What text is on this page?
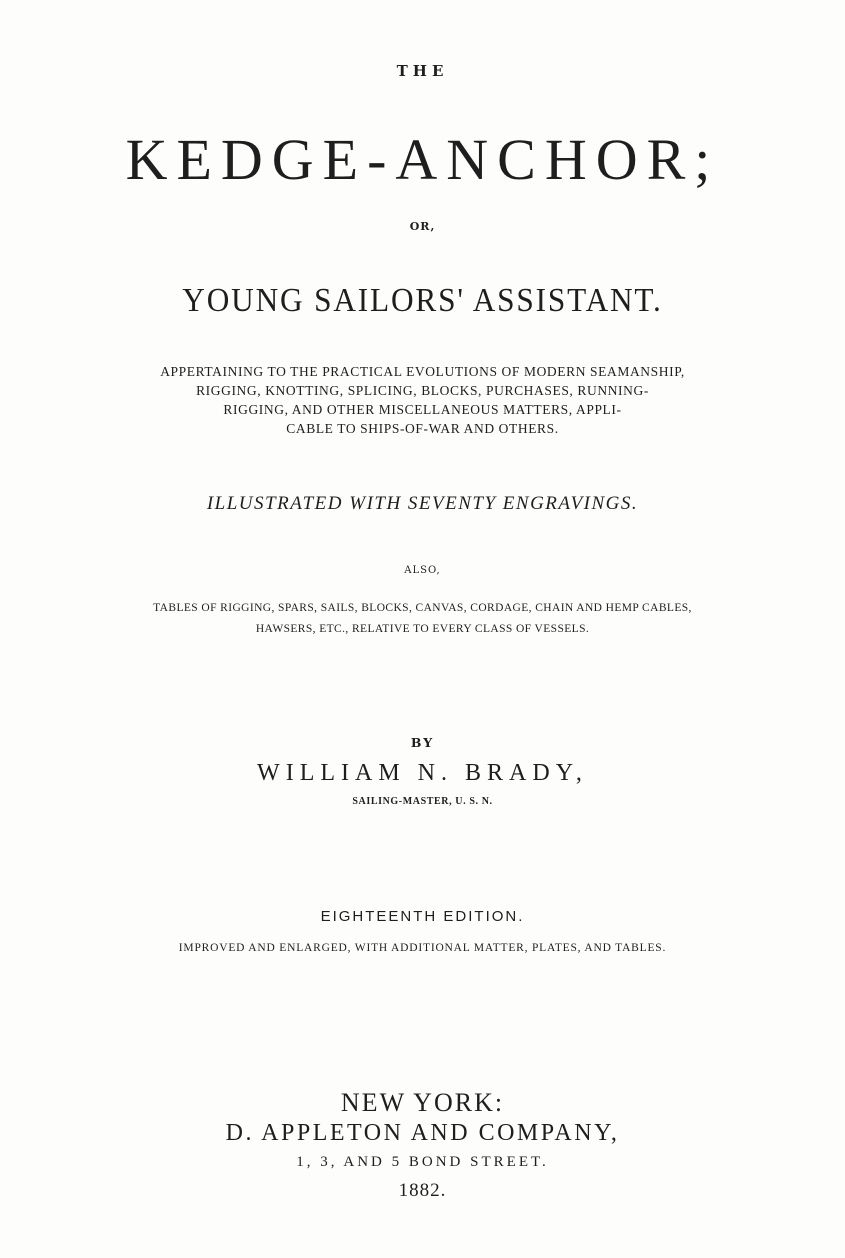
THE
KEDGE-ANCHOR;
OR,
YOUNG SAILORS' ASSISTANT.
APPERTAINING TO THE PRACTICAL EVOLUTIONS OF MODERN SEAMANSHIP,
RIGGING, KNOTTING, SPLICING, BLOCKS, PURCHASES, RUNNING-
RIGGING, AND OTHER MISCELLANEOUS MATTERS, APPLI-
CABLE TO SHIPS-OF-WAR AND OTHERS.
ILLUSTRATED WITH SEVENTY ENGRAVINGS.
ALSO,
TABLES OF RIGGING, SPARS, SAILS, BLOCKS, CANVAS, CORDAGE, CHAIN AND HEMP CABLES,
HAWSERS, ETC., RELATIVE TO EVERY CLASS OF VESSELS.
BY
WILLIAM N. BRADY,
SAILING-MASTER, U. S. N.
EIGHTEENTH EDITION.
IMPROVED AND ENLARGED, WITH ADDITIONAL MATTER, PLATES, AND TABLES.
NEW YORK:
D. APPLETON AND COMPANY,
1, 3, AND 5 BOND STREET.
1882.
